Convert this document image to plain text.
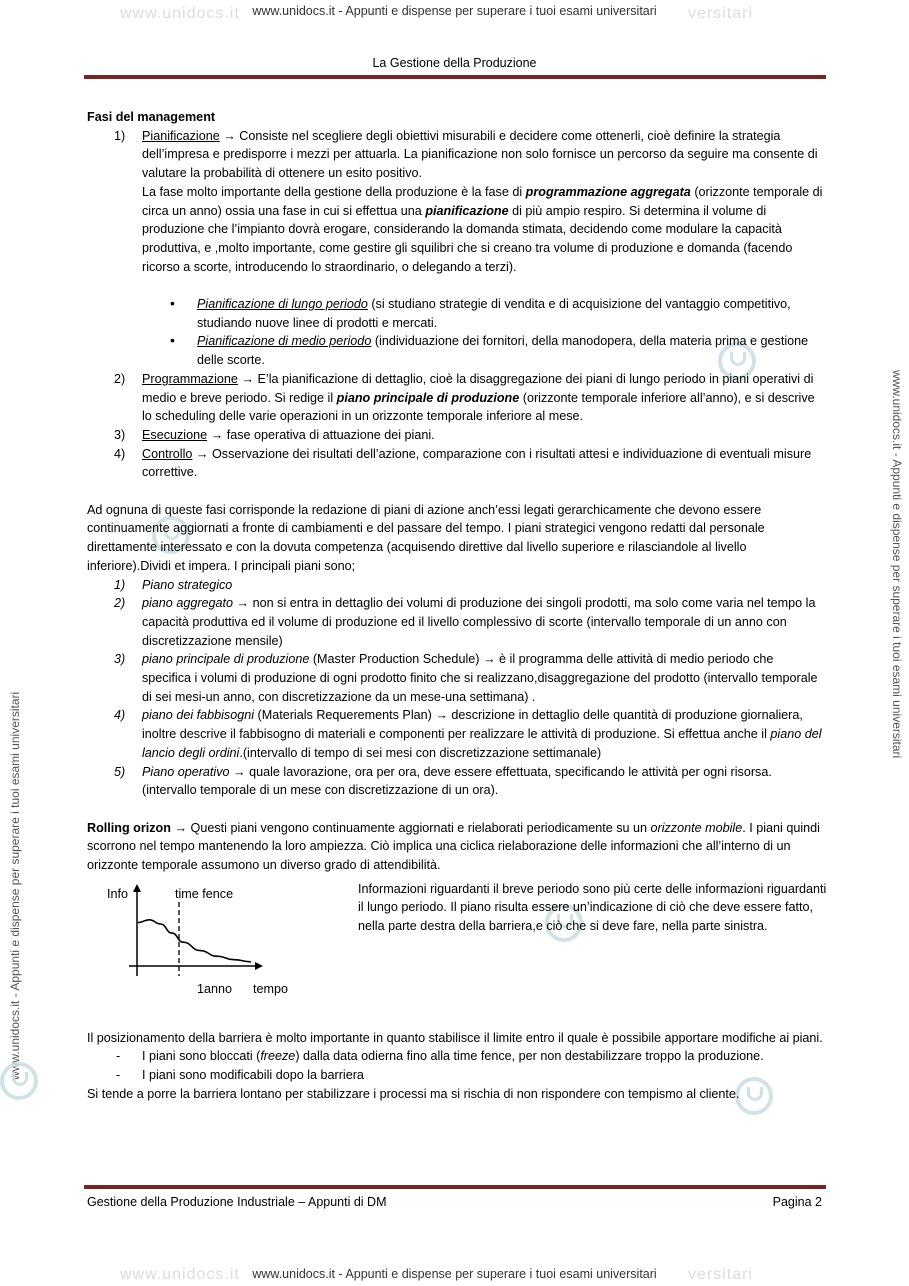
www.unidocs.it	versitari
www.unidocs.it - Appunti e dispense per superare i tuoi esami universitari
www.unidocs.it	versitari
www.unidocs.it - Appunti e dispense per superare i tuoi esami universitari
www.unidocs.it - Appunti e dispense per superare i tuoi esami universitari
www.unidocs.it - Appunti e dispense per superare i tuoi esami universitari
La Gestione della Produzione

Fasi del management

1) Pianificazione → Consiste nel scegliere degli obiettivi misurabili e decidere come ottenerli, cioè definire la strategia dell’impresa e predisporre i mezzi per attuarla. La pianificazione non solo fornisce un percorso da seguire ma consente di valutare la probabilità di ottenere un esito positivo.

La fase molto importante della gestione della produzione è la fase di programmazione aggregata (orizzonte temporale di circa un anno) ossia una fase in cui si effettua una pianificazione di più ampio respiro. Si determina il volume di produzione che l’impianto dovrà erogare, considerando la domanda stimata, decidendo come modulare la capacità produttiva, e ,molto importante, come gestire gli squilibri che si creano tra volume di produzione e domanda (facendo ricorso a scorte, introducendo lo straordinario, o delegando a terzi).

• Pianificazione di lungo periodo (si studiano strategie di vendita e di acquisizione del vantaggio competitivo, studiando nuove linee di prodotti e mercati.

• Pianificazione di medio periodo (individuazione dei fornitori, della manodopera, della materia prima e gestione delle scorte.

2) Programmazione → E’la pianificazione di dettaglio, cioè la disaggregazione dei piani di lungo periodo in piani operativi di medio e breve periodo. Si redige il piano principale di produzione (orizzonte temporale inferiore all’anno), e si descrive lo scheduling delle varie operazioni in un orizzonte temporale inferiore al mese.

3) Esecuzione → fase operativa di attuazione dei piani.

4) Controllo → Osservazione dei risultati dell’azione, comparazione con i risultati attesi e individuazione di eventuali misure correttive.

Ad ognuna di queste fasi corrisponde la redazione di piani di azione anch’essi legati gerarchicamente che devono essere continuamente aggiornati a fronte di cambiamenti e del passare del tempo. I piani strategici vengono redatti dal personale direttamente interessato e con la dovuta competenza (acquisendo direttive dal livello superiore e rilasciandole al livello inferiore).Dividi et impera. I principali piani sono;

1) Piano strategico

2) piano aggregato → non si entra in dettaglio dei volumi di produzione dei singoli prodotti, ma solo come varia nel tempo la capacità produttiva ed il volume di produzione ed il livello complessivo di scorte (intervallo temporale di un anno con discretizzazione mensile)

3) piano principale di produzione (Master Production Schedule) → è il programma delle attività di medio periodo che specifica i volumi di produzione di ogni prodotto finito che si realizzano,disaggregazione del prodotto (intervallo temporale di sei mesi-un anno, con discretizzazione da un mese-una settimana) .

4) piano dei fabbisogni (Materials Requerements Plan) → descrizione in dettaglio delle quantità di produzione giornaliera, inoltre descrive il fabbisogno di materiali e componenti per realizzare le attività di produzione. Si effettua anche il piano del lancio degli ordini.(intervallo di tempo di sei mesi con discretizzazione settimanale)

5) Piano operativo → quale lavorazione, ora per ora, deve essere effettuata, specificando le attività per ogni risorsa. (intervallo temporale di un mese con discretizzazione di un ora).

Rolling orizon → Questi piani vengono continuamente aggiornati e rielaborati periodicamente su un orizzonte mobile. I piani quindi scorrono nel tempo mantenendo la loro ampiezza. Ciò implica una ciclica rielaborazione delle informazioni che all’interno di un orizzonte temporale assumono un diverso grado di attendibilità.

Info	time fence
1anno tempo

Informazioni riguardanti il breve periodo sono più certe delle informazioni riguardanti il lungo periodo. Il piano risulta essere un’indicazione di ciò che deve essere fatto, nella parte destra della barriera,e ciò che si deve fare, nella parte sinistra.

Il posizionamento della barriera è molto importante in quanto stabilisce il limite entro il quale è possibile apportare modifiche ai piani.

- I piani sono bloccati (freeze) dalla data odierna fino alla time fence, per non destabilizzare troppo la produzione.

- I piani sono modificabili dopo la barriera

Si tende a porre la barriera lontano per stabilizzare i processi ma si rischia di non rispondere con tempismo al cliente.

Gestione della Produzione Industriale – Appunti di DM	Pagina 2
